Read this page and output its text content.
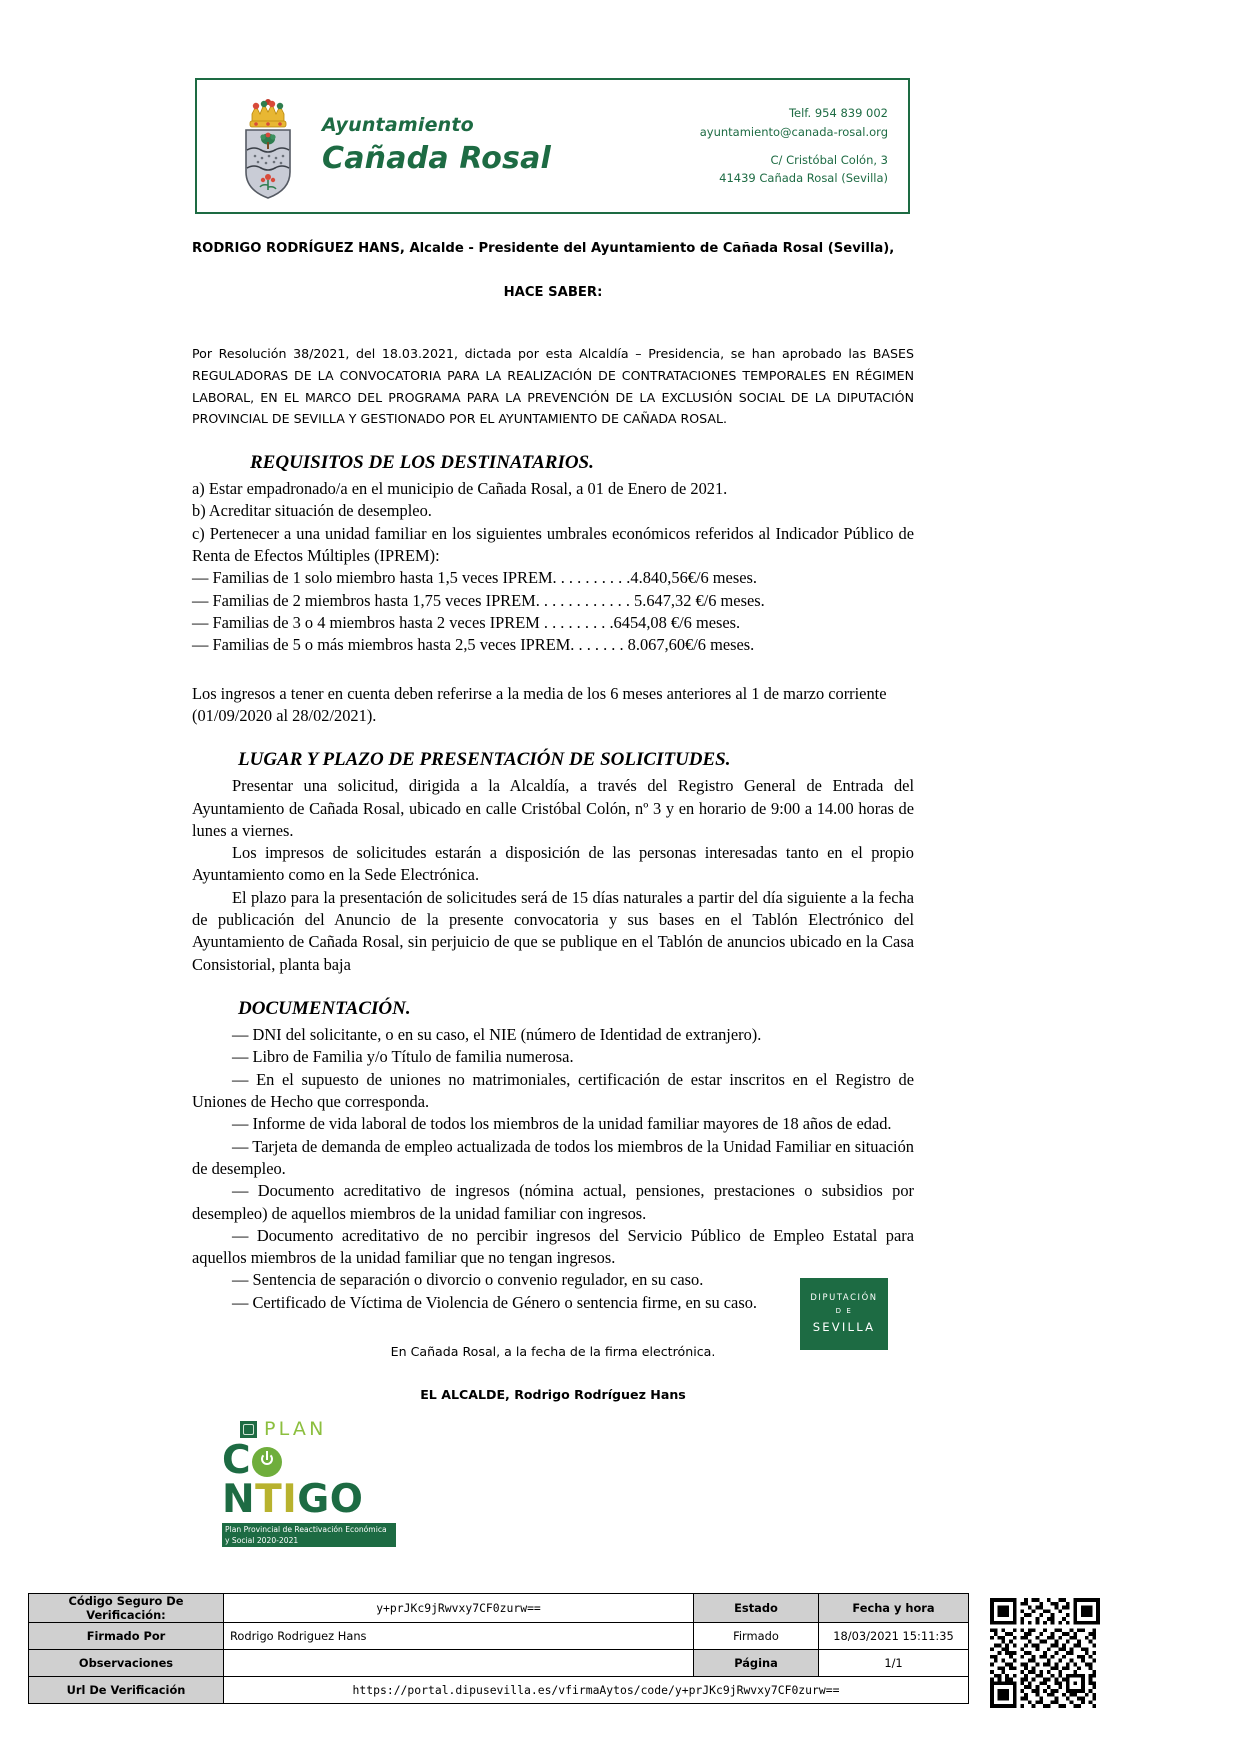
Ayuntamiento
Cañada Rosal
Telf. 954 839 002
ayuntamiento@canada-rosal.org
C/ Cristóbal Colón, 3
41439 Cañada Rosal (Sevilla)
RODRIGO RODRÍGUEZ HANS, Alcalde - Presidente del Ayuntamiento de Cañada Rosal (Sevilla),
HACE SABER:
Por Resolución 38/2021, del 18.03.2021, dictada por esta Alcaldía – Presidencia, se han aprobado las BASES REGULADORAS DE LA CONVOCATORIA PARA LA REALIZACIÓN DE CONTRATACIONES TEMPORALES EN RÉGIMEN LABORAL, EN EL MARCO DEL PROGRAMA PARA LA PREVENCIÓN DE LA EXCLUSIÓN SOCIAL DE LA DIPUTACIÓN PROVINCIAL DE SEVILLA Y GESTIONADO POR EL AYUNTAMIENTO DE CAÑADA ROSAL.
REQUISITOS DE LOS DESTINATARIOS.

a) Estar empadronado/a en el municipio de Cañada Rosal, a 01 de Enero de 2021.

b) Acreditar situación de desempleo.

c) Pertenecer a una unidad familiar en los siguientes umbrales económicos referidos al Indicador Público de Renta de Efectos Múltiples (IPREM):

— Familias de 1 solo miembro hasta 1,5 veces IPREM. . . . . . . . . .4.840,56€/6 meses.

— Familias de 2 miembros hasta 1,75 veces IPREM. . . . . . . . . . . . 5.647,32 €/6 meses.

— Familias de 3 o 4 miembros hasta 2 veces IPREM . . . . . . . . .6454,08 €/6 meses.

— Familias de 5 o más miembros hasta 2,5 veces IPREM. . . . . . . 8.067,60€/6 meses.

Los ingresos a tener en cuenta deben referirse a la media de los 6 meses anteriores al 1 de marzo corriente

(01/09/2020 al 28/02/2021).

LUGAR Y PLAZO DE PRESENTACIÓN DE SOLICITUDES.

Presentar una solicitud, dirigida a la Alcaldía, a través del Registro General de Entrada del Ayuntamiento de Cañada Rosal, ubicado en calle Cristóbal Colón, nº 3 y en horario de 9:00 a 14.00 horas de lunes a viernes.

Los impresos de solicitudes estarán a disposición de las personas interesadas tanto en el propio Ayuntamiento como en la Sede Electrónica.

El plazo para la presentación de solicitudes será de 15 días naturales a partir del día siguiente a la fecha de publicación del Anuncio de la presente convocatoria y sus bases en el Tablón Electrónico del Ayuntamiento de Cañada Rosal, sin perjuicio de que se publique en el Tablón de anuncios ubicado en la Casa Consistorial, planta baja

DOCUMENTACIÓN.

— DNI del solicitante, o en su caso, el NIE (número de Identidad de extranjero).

— Libro de Familia y/o Título de familia numerosa.

— En el supuesto de uniones no matrimoniales, certificación de estar inscritos en el Registro de Uniones de Hecho que corresponda.

— Informe de vida laboral de todos los miembros de la unidad familiar mayores de 18 años de edad.

— Tarjeta de demanda de empleo actualizada de todos los miembros de la Unidad Familiar en situación de desempleo.

— Documento acreditativo de ingresos (nómina actual, pensiones, prestaciones o subsidios por desempleo) de aquellos miembros de la unidad familiar con ingresos.

— Documento acreditativo de no percibir ingresos del Servicio Público de Empleo Estatal para aquellos miembros de la unidad familiar que no tengan ingresos.

— Sentencia de separación o divorcio o convenio regulador, en su caso.

— Certificado de Víctima de Violencia de Género o sentencia firme, en su caso.

En Cañada Rosal, a la fecha de la firma electrónica.
EL ALCALDE, Rodrigo Rodríguez Hans
PLAN
CNTIGO
Plan Provincial de Reactivación Económica y Social 2020-2021
DIPUTACIÓN
D E
SEVILLA
Código Seguro De Verificación:	y+prJKc9jRwvxy7CF0zurw==	Estado	Fecha y hora
Firmado Por	Rodrigo Rodriguez Hans	Firmado	18/03/2021 15:11:35
Observaciones		Página	1/1
Url De Verificación	https://portal.dipusevilla.es/vfirmaAytos/code/y+prJKc9jRwvxy7CF0zurw==		
